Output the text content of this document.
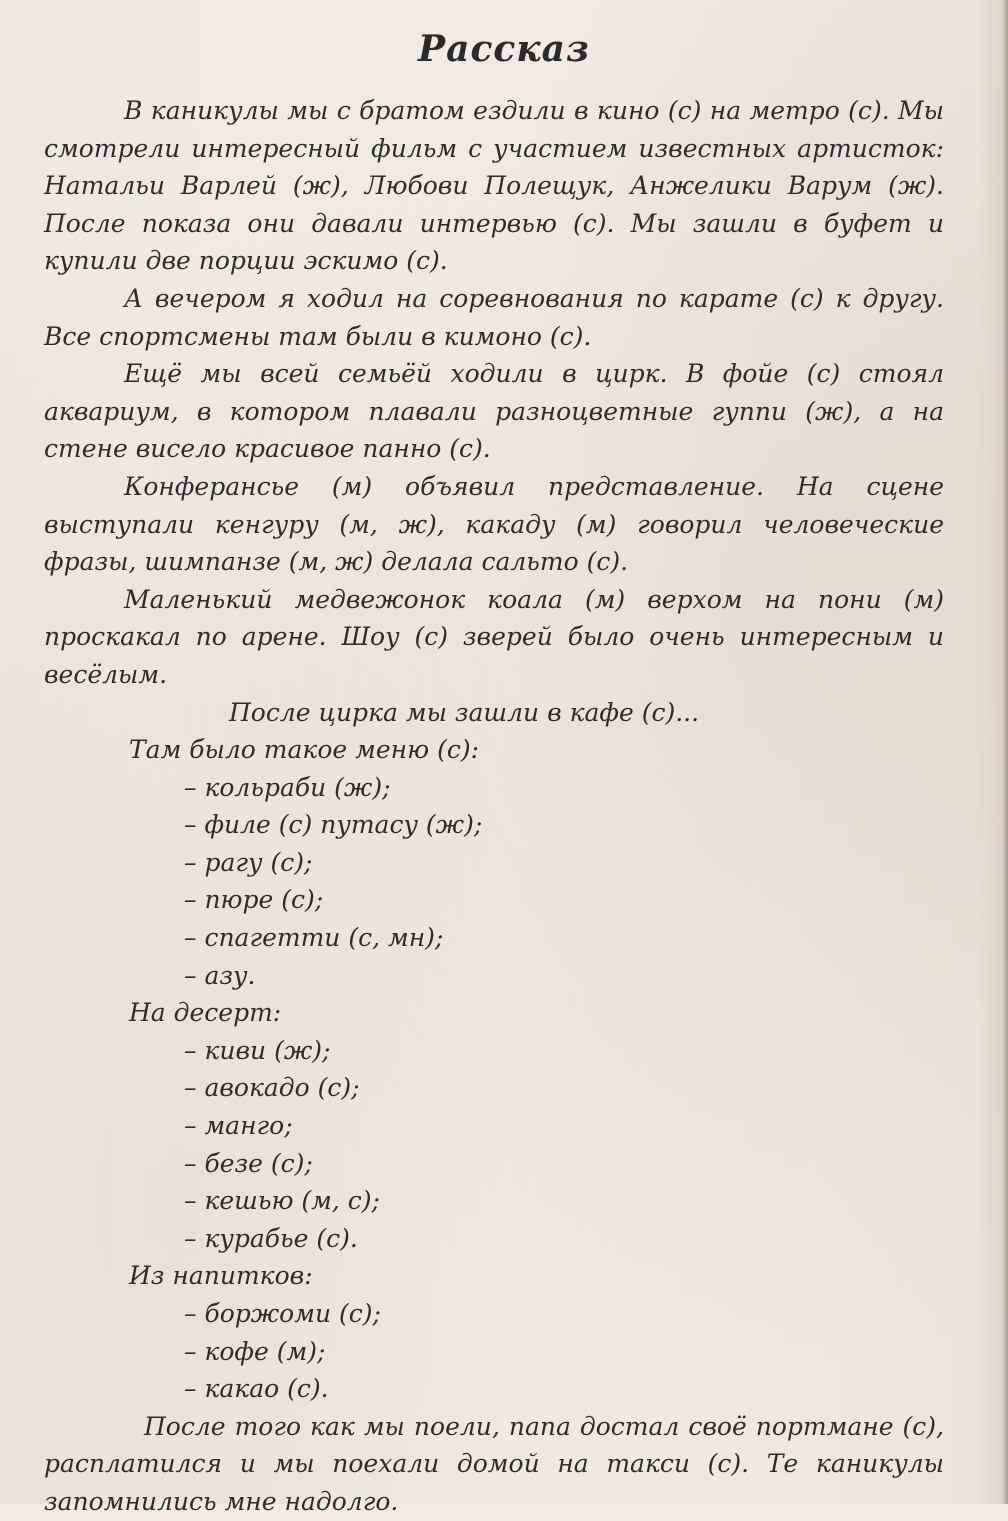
Рассказ

В каникулы мы с братом ездили в кино (с) на метро (с). Мы смотрели интересный фильм с участием известных артисток: Натальи Варлей (ж), Любови Полещук, Анжелики Варум (ж). После показа они давали интервью (с). Мы зашли в буфет и купили две порции эскимо (с).

А вечером я ходил на соревнования по карате (с) к другу. Все спортсмены там были в кимоно (с).

Ещё мы всей семьёй ходили в цирк. В фойе (с) стоял аквариум, в котором плавали разноцветные гуппи (ж), а на стене висело красивое панно (с).

Конферансье (м) объявил представление. На сцене выступали кенгуру (м, ж), какаду (м) говорил человеческие фразы, шимпанзе (м, ж) делала сальто (с).

Маленький медвежонок коала (м) верхом на пони (м) проскакал по арене. Шоу (с) зверей было очень интересным и весёлым.

После цирка мы зашли в кафе (с)...

Там было такое меню (с):

– кольраби (ж);

– филе (с) путасу (ж);

– рагу (с);

– пюре (с);

– спагетти (с, мн);

– азу.

На десерт:

– киви (ж);

– авокадо (с);

– манго;

– безе (с);

– кешью (м, с);

– курабье (с).

Из напитков:

– боржоми (с);

– кофе (м);

– какао (с).

После того как мы поели, папа достал своё портмане (с), расплатился и мы поехали домой на такси (с). Те каникулы запомнились мне надолго.
